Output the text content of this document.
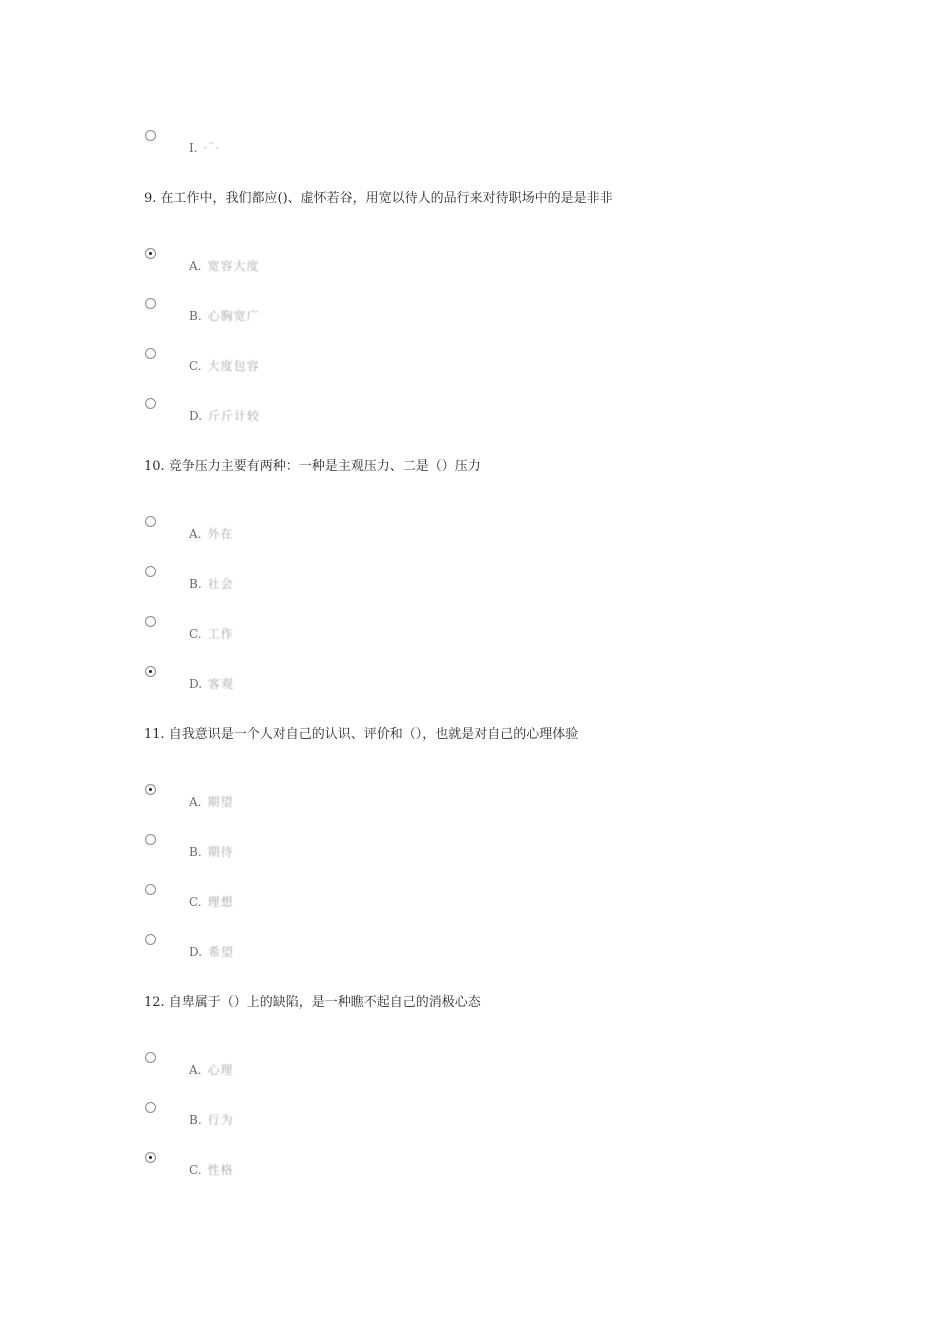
I. ·¨·
9. 在工作中，我们都应()、虚怀若谷，用宽以待人的品行来对待职场中的是是非非
A. 宽容大度
B. 心胸宽广
C. 大度包容
D. 斤斤计较
10. 竞争压力主要有两种：一种是主观压力、二是（）压力
A. 外在
B. 社会
C. 工作
D. 客观
11. 自我意识是一个人对自己的认识、评价和（），也就是对自己的心理体验
A. 期望
B. 期待
C. 理想
D. 希望
12. 自卑属于（）上的缺陷，是一种瞧不起自己的消极心态
A. 心理
B. 行为
C. 性格
